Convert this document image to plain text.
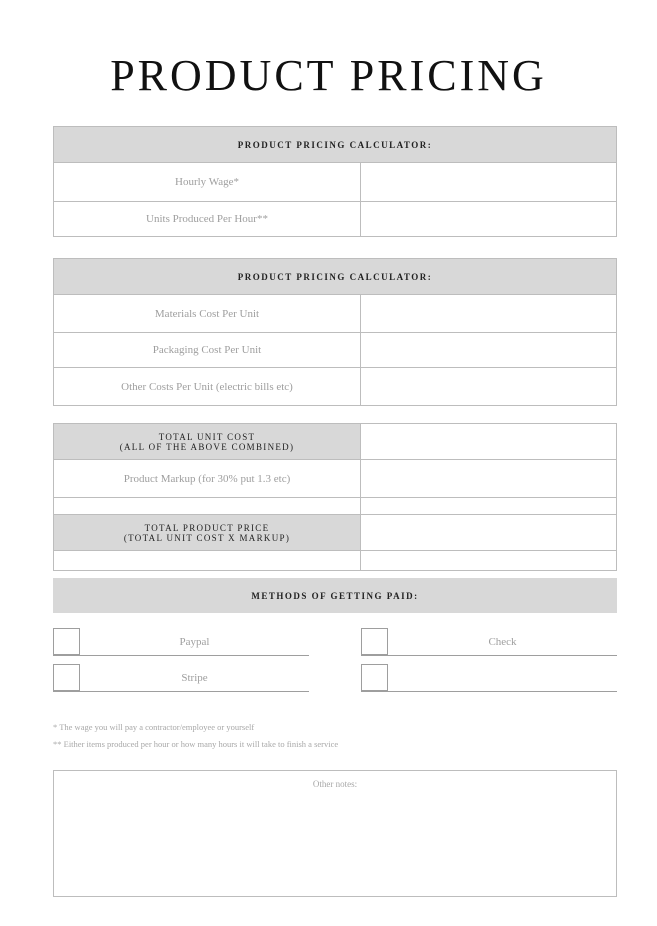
PRODUCT PRICING
PRODUCT PRICING CALCULATOR:
Hourly Wage*
Units Produced Per Hour**
PRODUCT PRICING CALCULATOR:
Materials Cost Per Unit
Packaging Cost Per Unit
Other Costs Per Unit (electric bills etc)
TOTAL UNIT COST
(ALL OF THE ABOVE COMBINED)
Product Markup (for 30% put 1.3 etc)
TOTAL PRODUCT PRICE
(TOTAL UNIT COST X MARKUP)
METHODS OF GETTING PAID:
Paypal	Check
Stripe
* The wage you will pay a contractor/employee or yourself
** Either items produced per hour or how many hours it will take to finish a service
Other notes:
